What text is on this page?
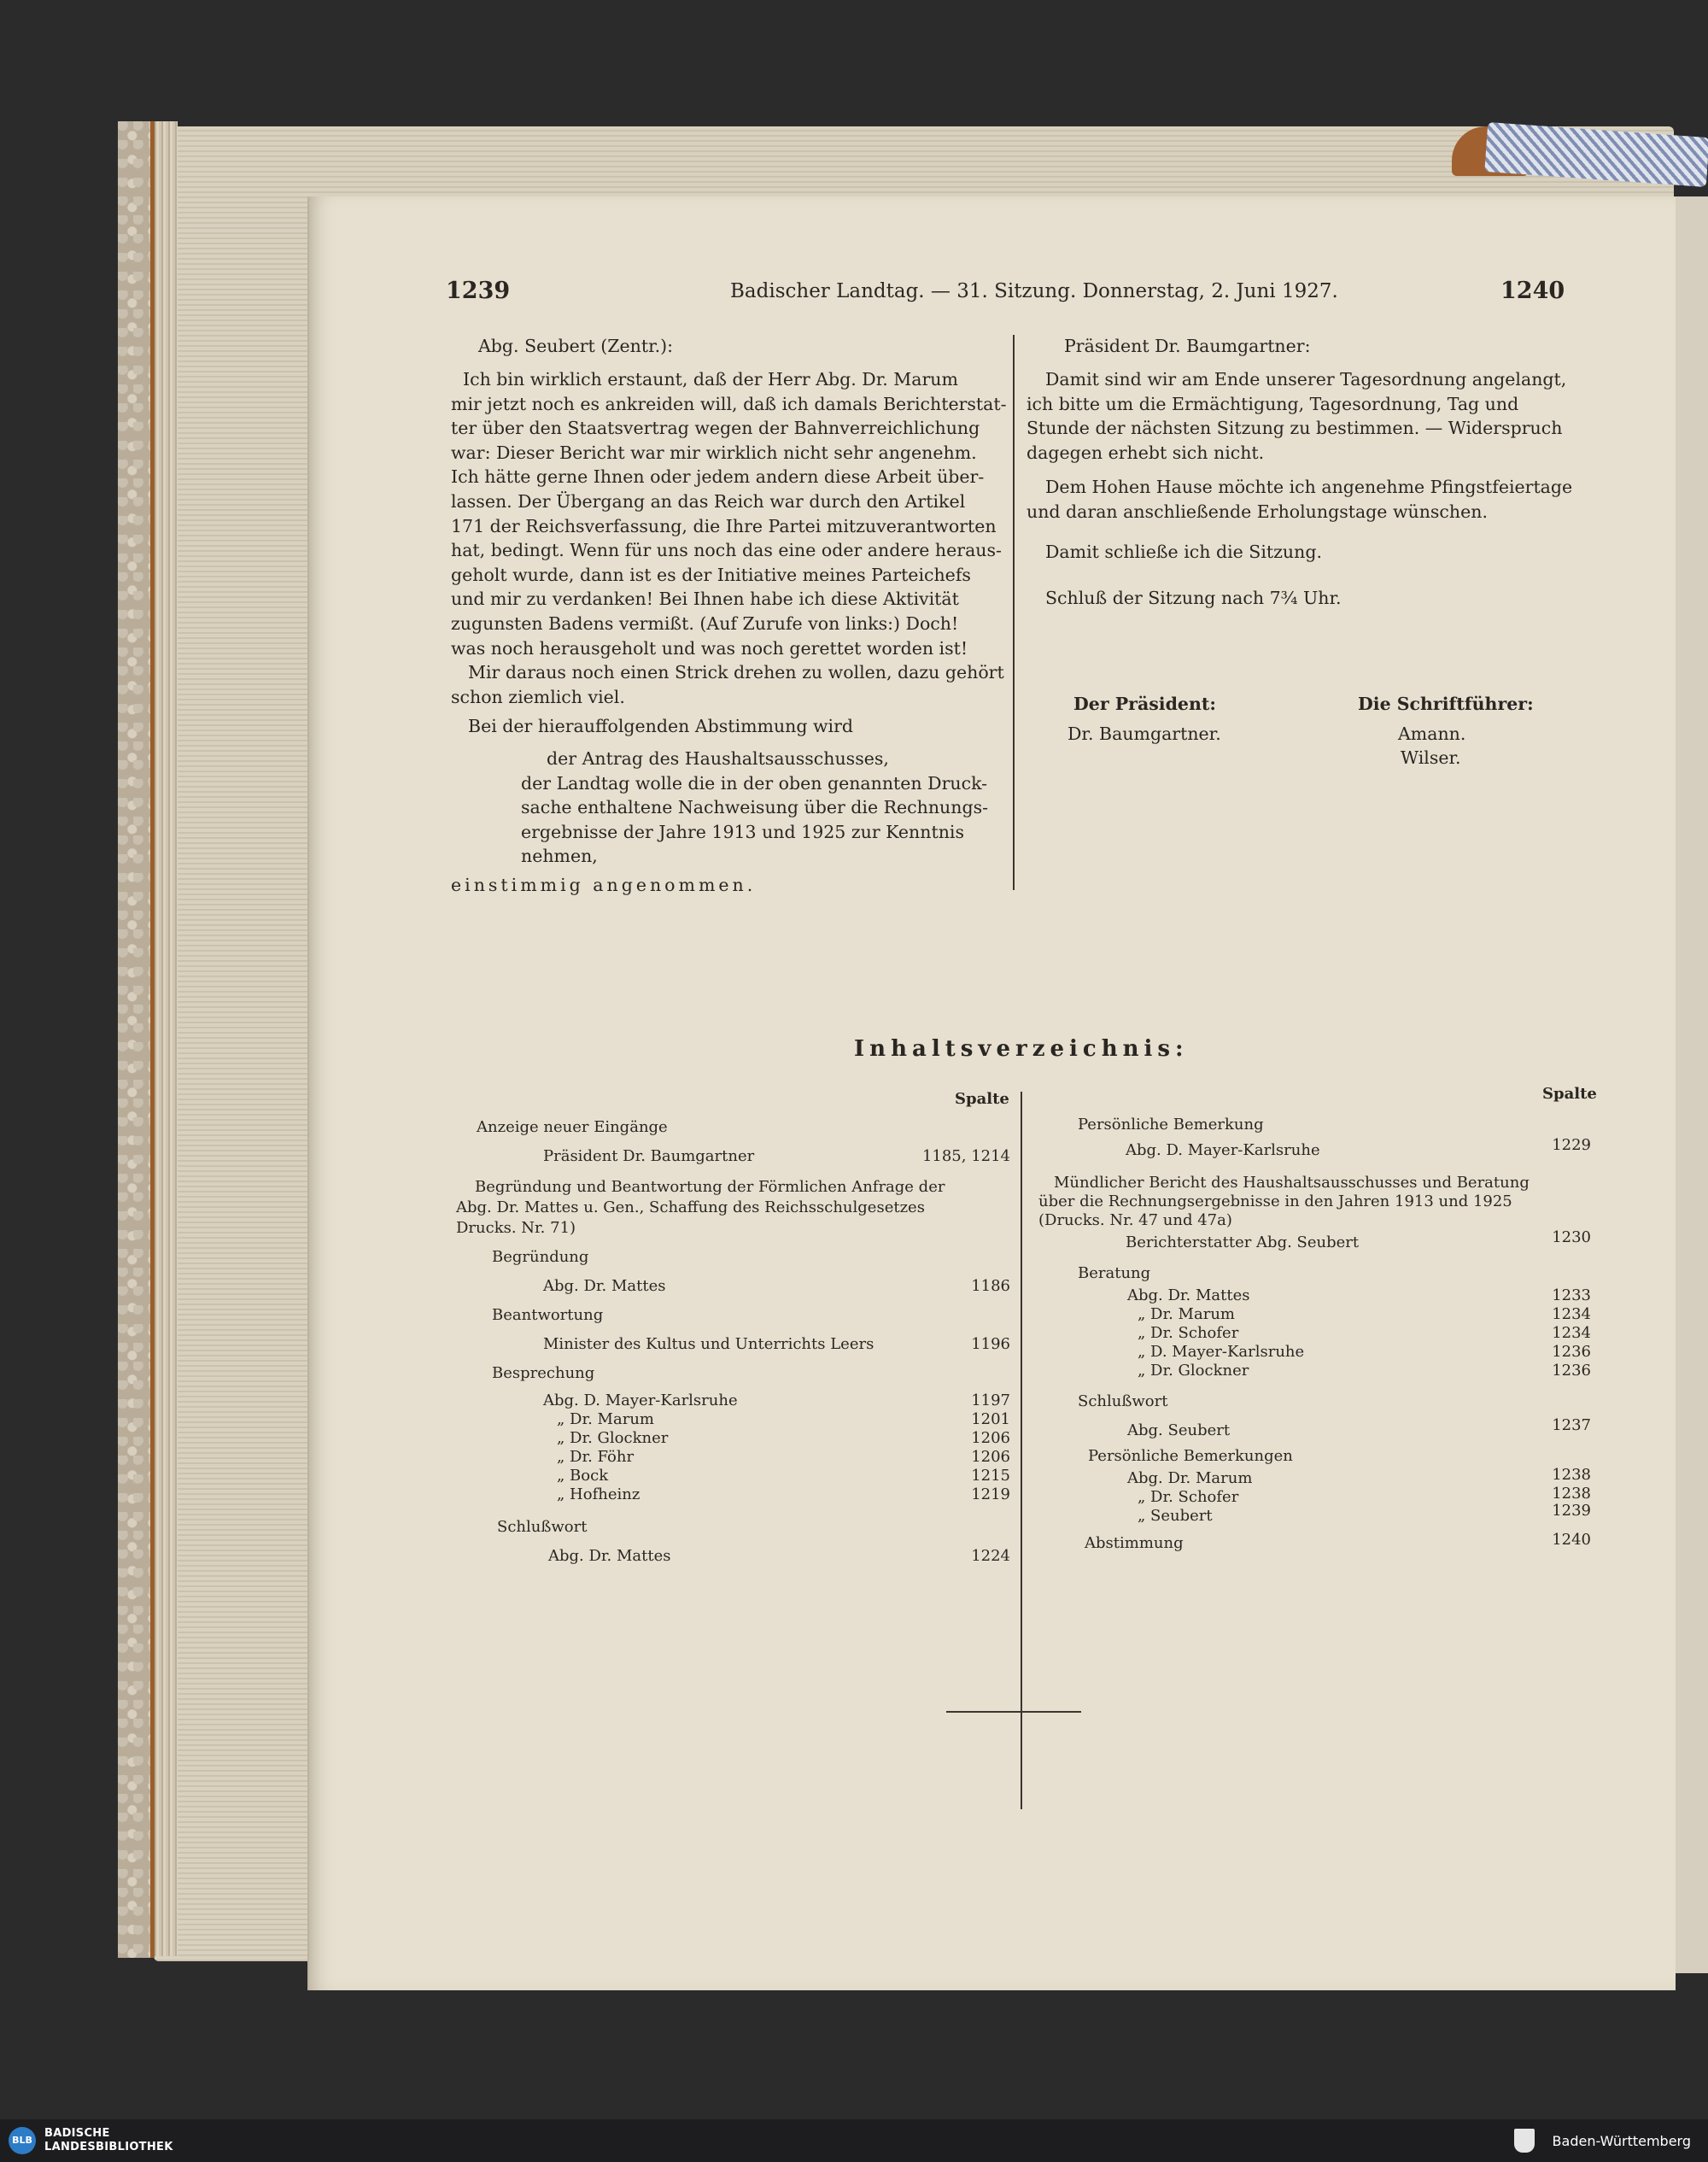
1239	Badischer Landtag. — 31. Sitzung. Donnerstag, 2. Juni 1927.	1240
Abg. Seubert (Zentr.):
Ich bin wirklich erstaunt, daß der Herr Abg. Dr. Marum
mir jetzt noch es ankreiden will, daß ich damals Berichterstat-
ter über den Staatsvertrag wegen der Bahnverreichlichung
war: Dieser Bericht war mir wirklich nicht sehr angenehm.
Ich hätte gerne Ihnen oder jedem andern diese Arbeit über-
lassen. Der Übergang an das Reich war durch den Artikel
171 der Reichsverfassung, die Ihre Partei mitzuverantworten
hat, bedingt. Wenn für uns noch das eine oder andere heraus-
geholt wurde, dann ist es der Initiative meines Parteichefs
und mir zu verdanken! Bei Ihnen habe ich diese Aktivität
zugunsten Badens vermißt. (Auf Zurufe von links:) Doch!
was noch herausgeholt und was noch gerettet worden ist!
Mir daraus noch einen Strick drehen zu wollen, dazu gehört
schon ziemlich viel.
Bei der hierauffolgenden Abstimmung wird
der Antrag des Haushaltsausschusses,
der Landtag wolle die in der oben genannten Druck-
sache enthaltene Nachweisung über die Rechnungs-
ergebnisse der Jahre 1913 und 1925 zur Kenntnis
nehmen,
einstimmig angenommen.
Präsident Dr. Baumgartner:
Damit sind wir am Ende unserer Tagesordnung angelangt,
ich bitte um die Ermächtigung, Tagesordnung, Tag und
Stunde der nächsten Sitzung zu bestimmen. — Widerspruch
dagegen erhebt sich nicht.
Dem Hohen Hause möchte ich angenehme Pfingstfeiertage
und daran anschließende Erholungstage wünschen.
Damit schließe ich die Sitzung.
Schluß der Sitzung nach 7¾ Uhr.
Der Präsident:
Dr. Baumgartner.
Die Schriftführer:
Amann.
Wilser.
Inhaltsverzeichnis:
Spalte	Spalte
Anzeige neuer Eingänge
Präsident Dr. Baumgartner	1185, 1214
Begründung und Beantwortung der Förmlichen Anfrage der
Abg. Dr. Mattes u. Gen., Schaffung des Reichsschulgesetzes
Drucks. Nr. 71)
Begründung
Abg. Dr. Mattes	1186
Beantwortung
Minister des Kultus und Unterrichts Leers	1196
Besprechung
Abg. D. Mayer-Karlsruhe	1197
„ Dr. Marum	1201
„ Dr. Glockner	1206
„ Dr. Föhr	1206
„ Bock	1215
„ Hofheinz	1219
Schlußwort
Abg. Dr. Mattes	1224
Persönliche Bemerkung
Abg. D. Mayer-Karlsruhe	1229
Mündlicher Bericht des Haushaltsausschusses und Beratung
über die Rechnungsergebnisse in den Jahren 1913 und 1925
(Drucks. Nr. 47 und 47a)
Berichterstatter Abg. Seubert	1230
Beratung
Abg. Dr. Mattes	1233
„ Dr. Marum	1234
„ Dr. Schofer	1234
„ D. Mayer-Karlsruhe	1236
„ Dr. Glockner	1236
Schlußwort
Abg. Seubert	1237
Persönliche Bemerkungen
Abg. Dr. Marum	1238
„ Dr. Schofer	1238
„ Seubert	1239
Abstimmung	1240
BLB
BADISCHE
LANDESBIBLIOTHEK	Baden-Württemberg
